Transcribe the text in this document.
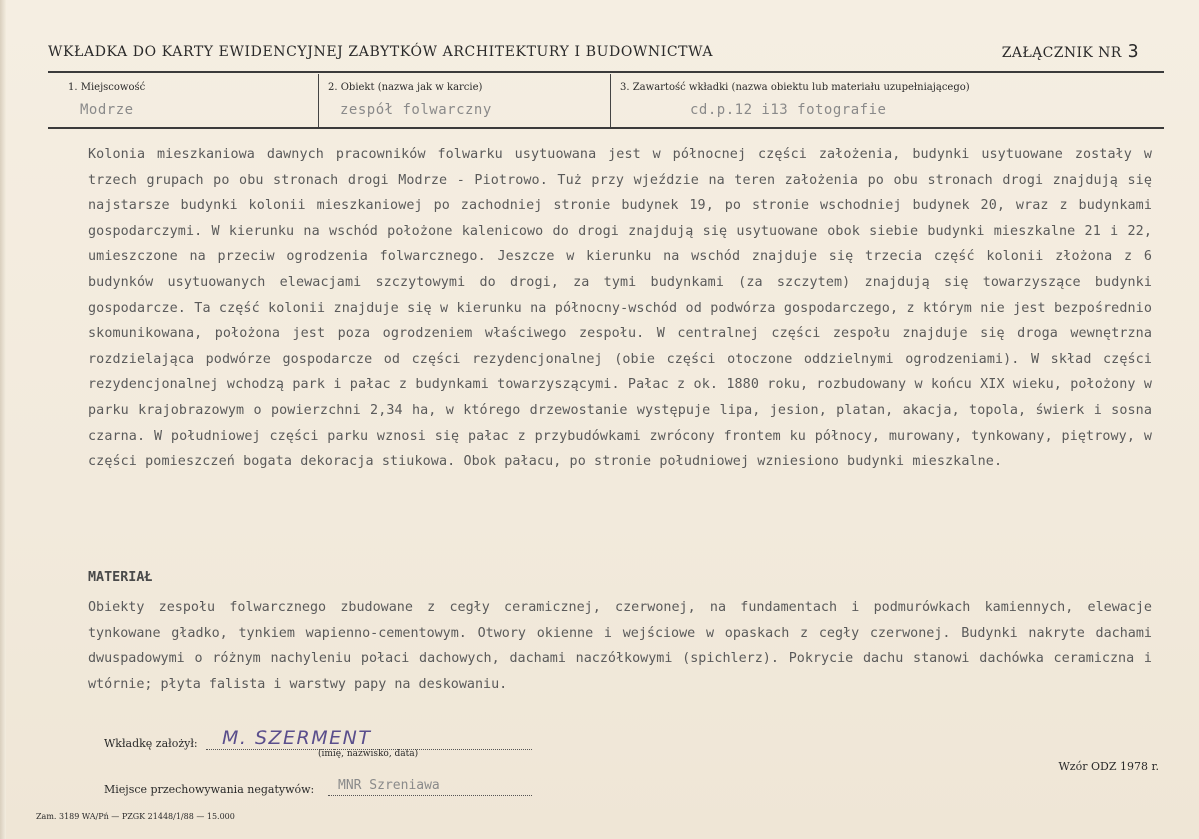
WKŁADKA DO KARTY EWIDENCYJNEJ ZABYTKÓW ARCHITEKTURY I BUDOWNICTWA	ZAŁĄCZNIK NR 3
1. Miejscowość
Modrze
2. Obiekt (nazwa jak w karcie)
zespół folwarczny
3. Zawartość wkładki (nazwa obiektu lub materiału uzupełniającego)
cd.p.12 i13 fotografie
Kolonia mieszkaniowa dawnych pracowników folwarku usytuowana jest w północnej części założenia, budynki usytuowane zostały w trzech grupach po obu stronach drogi Modrze - Piotrowo. Tuż przy wjeździe na teren założenia po obu stronach drogi znajdują się najstarsze budynki kolonii mieszkaniowej po zachodniej stronie budynek 19, po stronie wschodniej budynek 20, wraz z budynkami gospodarczymi. W kierunku na wschód położone kalenicowo do drogi znajdują się usytuowane obok siebie budynki mieszkalne 21 i 22, umieszczone na przeciw ogrodzenia folwarcznego. Jeszcze w kierunku na wschód znajduje się trzecia część kolonii złożona z 6 budynków usytuowanych elewacjami szczytowymi do drogi, za tymi budynkami (za szczytem) znajdują się towarzyszące budynki gospodarcze. Ta część kolonii znajduje się w kierunku na północny-wschód od podwórza gospodarczego, z którym nie jest bezpośrednio skomunikowana, położona jest poza ogrodzeniem właściwego zespołu. W centralnej części zespołu znajduje się droga wewnętrzna rozdzielająca podwórze gospodarcze od części rezydencjonalnej (obie części otoczone oddzielnymi ogrodzeniami). W skład części rezydencjonalnej wchodzą park i pałac z budynkami towarzyszącymi. Pałac z ok. 1880 roku, rozbudowany w końcu XIX wieku, położony w parku krajobrazowym o powierzchni 2,34 ha, w którego drzewostanie występuje lipa, jesion, platan, akacja, topola, świerk i sosna czarna. W południowej części parku wznosi się pałac z przybudówkami zwrócony frontem ku północy, murowany, tynkowany, piętrowy, w części pomieszczeń bogata dekoracja stiukowa. Obok pałacu, po stronie południowej wzniesiono budynki mieszkalne.
MATERIAŁ
Obiekty zespołu folwarcznego zbudowane z cegły ceramicznej, czerwonej, na fundamentach i podmurówkach kamiennych, elewacje tynkowane gładko, tynkiem wapienno-cementowym. Otwory okienne i wejściowe w opaskach z cegły czerwonej. Budynki nakryte dachami dwuspadowymi o różnym nachyleniu połaci dachowych, dachami naczółkowymi (spichlerz). Pokrycie dachu stanowi dachówka ceramiczna i wtórnie; płyta falista i warstwy papy na deskowaniu.
Wkładkę założył: M. SZERMENT
(imię, nazwisko, data)
Miejsce przechowywania negatywów: MNR Szreniawa
Wzór ODZ 1978 r.
Zam. 3189 WA/Pń — PZGK 21448/1/88 — 15.000
